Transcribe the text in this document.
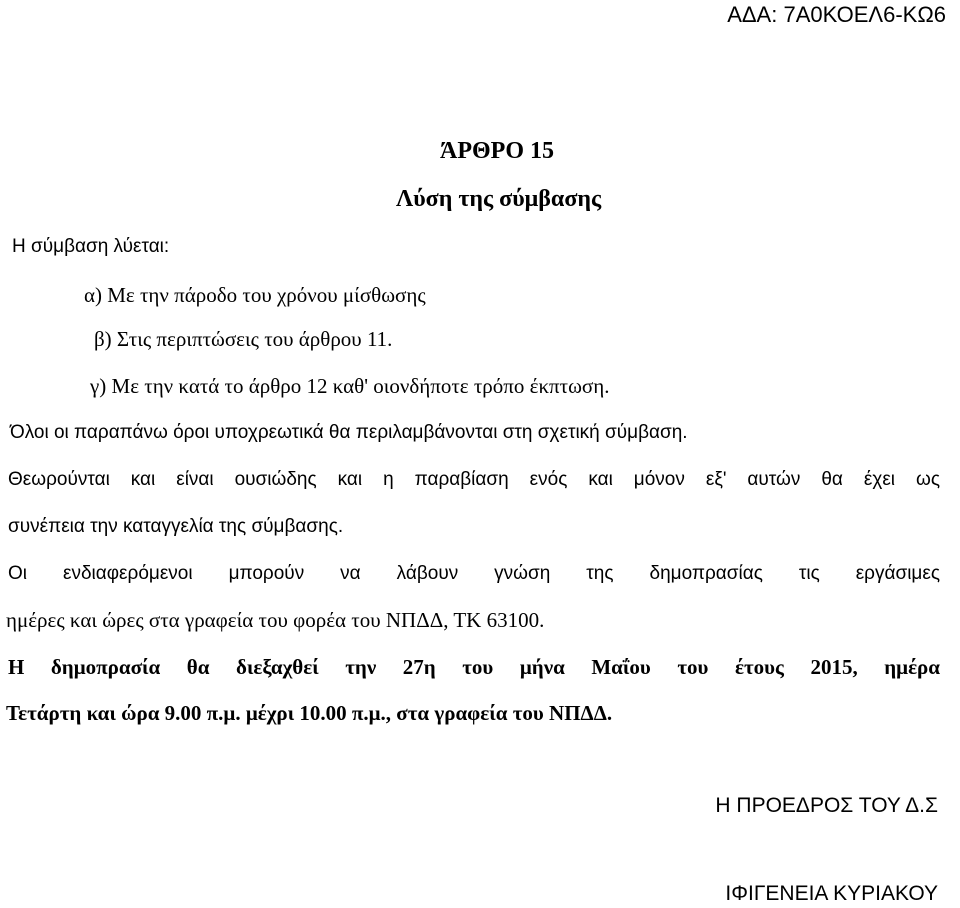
ΑΔΑ: 7Α0ΚΟΕΛ6-ΚΩ6
ΆΡΘΡΟ 15
Λύση της σύμβασης
Η σύμβαση λύεται:
α) Με την πάροδο του χρόνου μίσθωσης
β) Στις περιπτώσεις του άρθρου 11.
γ) Με την κατά το άρθρο 12 καθ' οιονδήποτε τρόπο έκπτωση.
Όλοι οι παραπάνω όροι υποχρεωτικά θα περιλαμβάνονται στη σχετική σύμβαση.
Θεωρούνται και είναι ουσιώδης και η παραβίαση ενός και μόνον εξ' αυτών θα έχει ως
συνέπεια την καταγγελία της σύμβασης.
Οι ενδιαφερόμενοι μπορούν να λάβουν γνώση της δημοπρασίας τις εργάσιμες
ημέρες και ώρες στα γραφεία του φορέα του ΝΠΔΔ, ΤΚ 63100.
Η δημοπρασία θα διεξαχθεί την 27η του μήνα Μαΐου του έτους 2015, ημέρα
Τετάρτη και ώρα 9.00 π.μ. μέχρι 10.00 π.μ., στα γραφεία του ΝΠΔΔ.
Η ΠΡΟΕΔΡΟΣ ΤΟΥ Δ.Σ
ΙΦΙΓΕΝΕΙΑ ΚΥΡΙΑΚΟΥ
